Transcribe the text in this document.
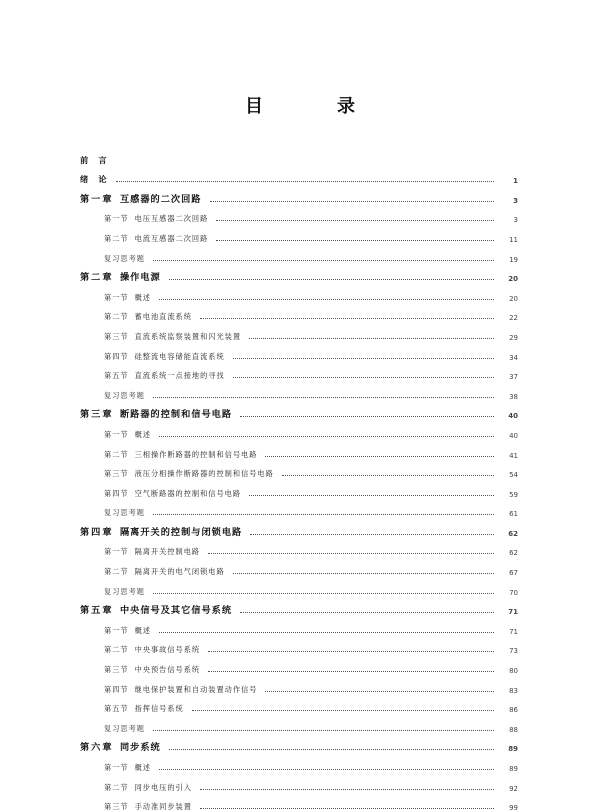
目　录
前　言
绪　论	1
第一章 互感器的二次回路	3
第一节 电压互感器二次回路	3
第二节 电流互感器二次回路	11
复习思考题	19
第二章 操作电源	20
第一节 概述	20
第二节 蓄电池直流系统	22
第三节 直流系统监察装置和闪光装置	29
第四节 硅整流电容储能直流系统	34
第五节 直流系统一点接地的寻找	37
复习思考题	38
第三章 断路器的控制和信号电路	40
第一节 概述	40
第二节 三相操作断路器的控制和信号电路	41
第三节 液压分相操作断路器的控制和信号电路	54
第四节 空气断路器的控制和信号电路	59
复习思考题	61
第四章 隔离开关的控制与闭锁电路	62
第一节 隔离开关控制电路	62
第二节 隔离开关的电气闭锁电路	67
复习思考题	70
第五章 中央信号及其它信号系统	71
第一节 概述	71
第二节 中央事故信号系统	73
第三节 中央预告信号系统	80
第四节 继电保护装置和自动装置动作信号	83
第五节 指挥信号系统	86
复习思考题	88
第六章 同步系统	89
第一节 概述	89
第二节 同步电压的引入	92
第三节 手动准同步装置	99
